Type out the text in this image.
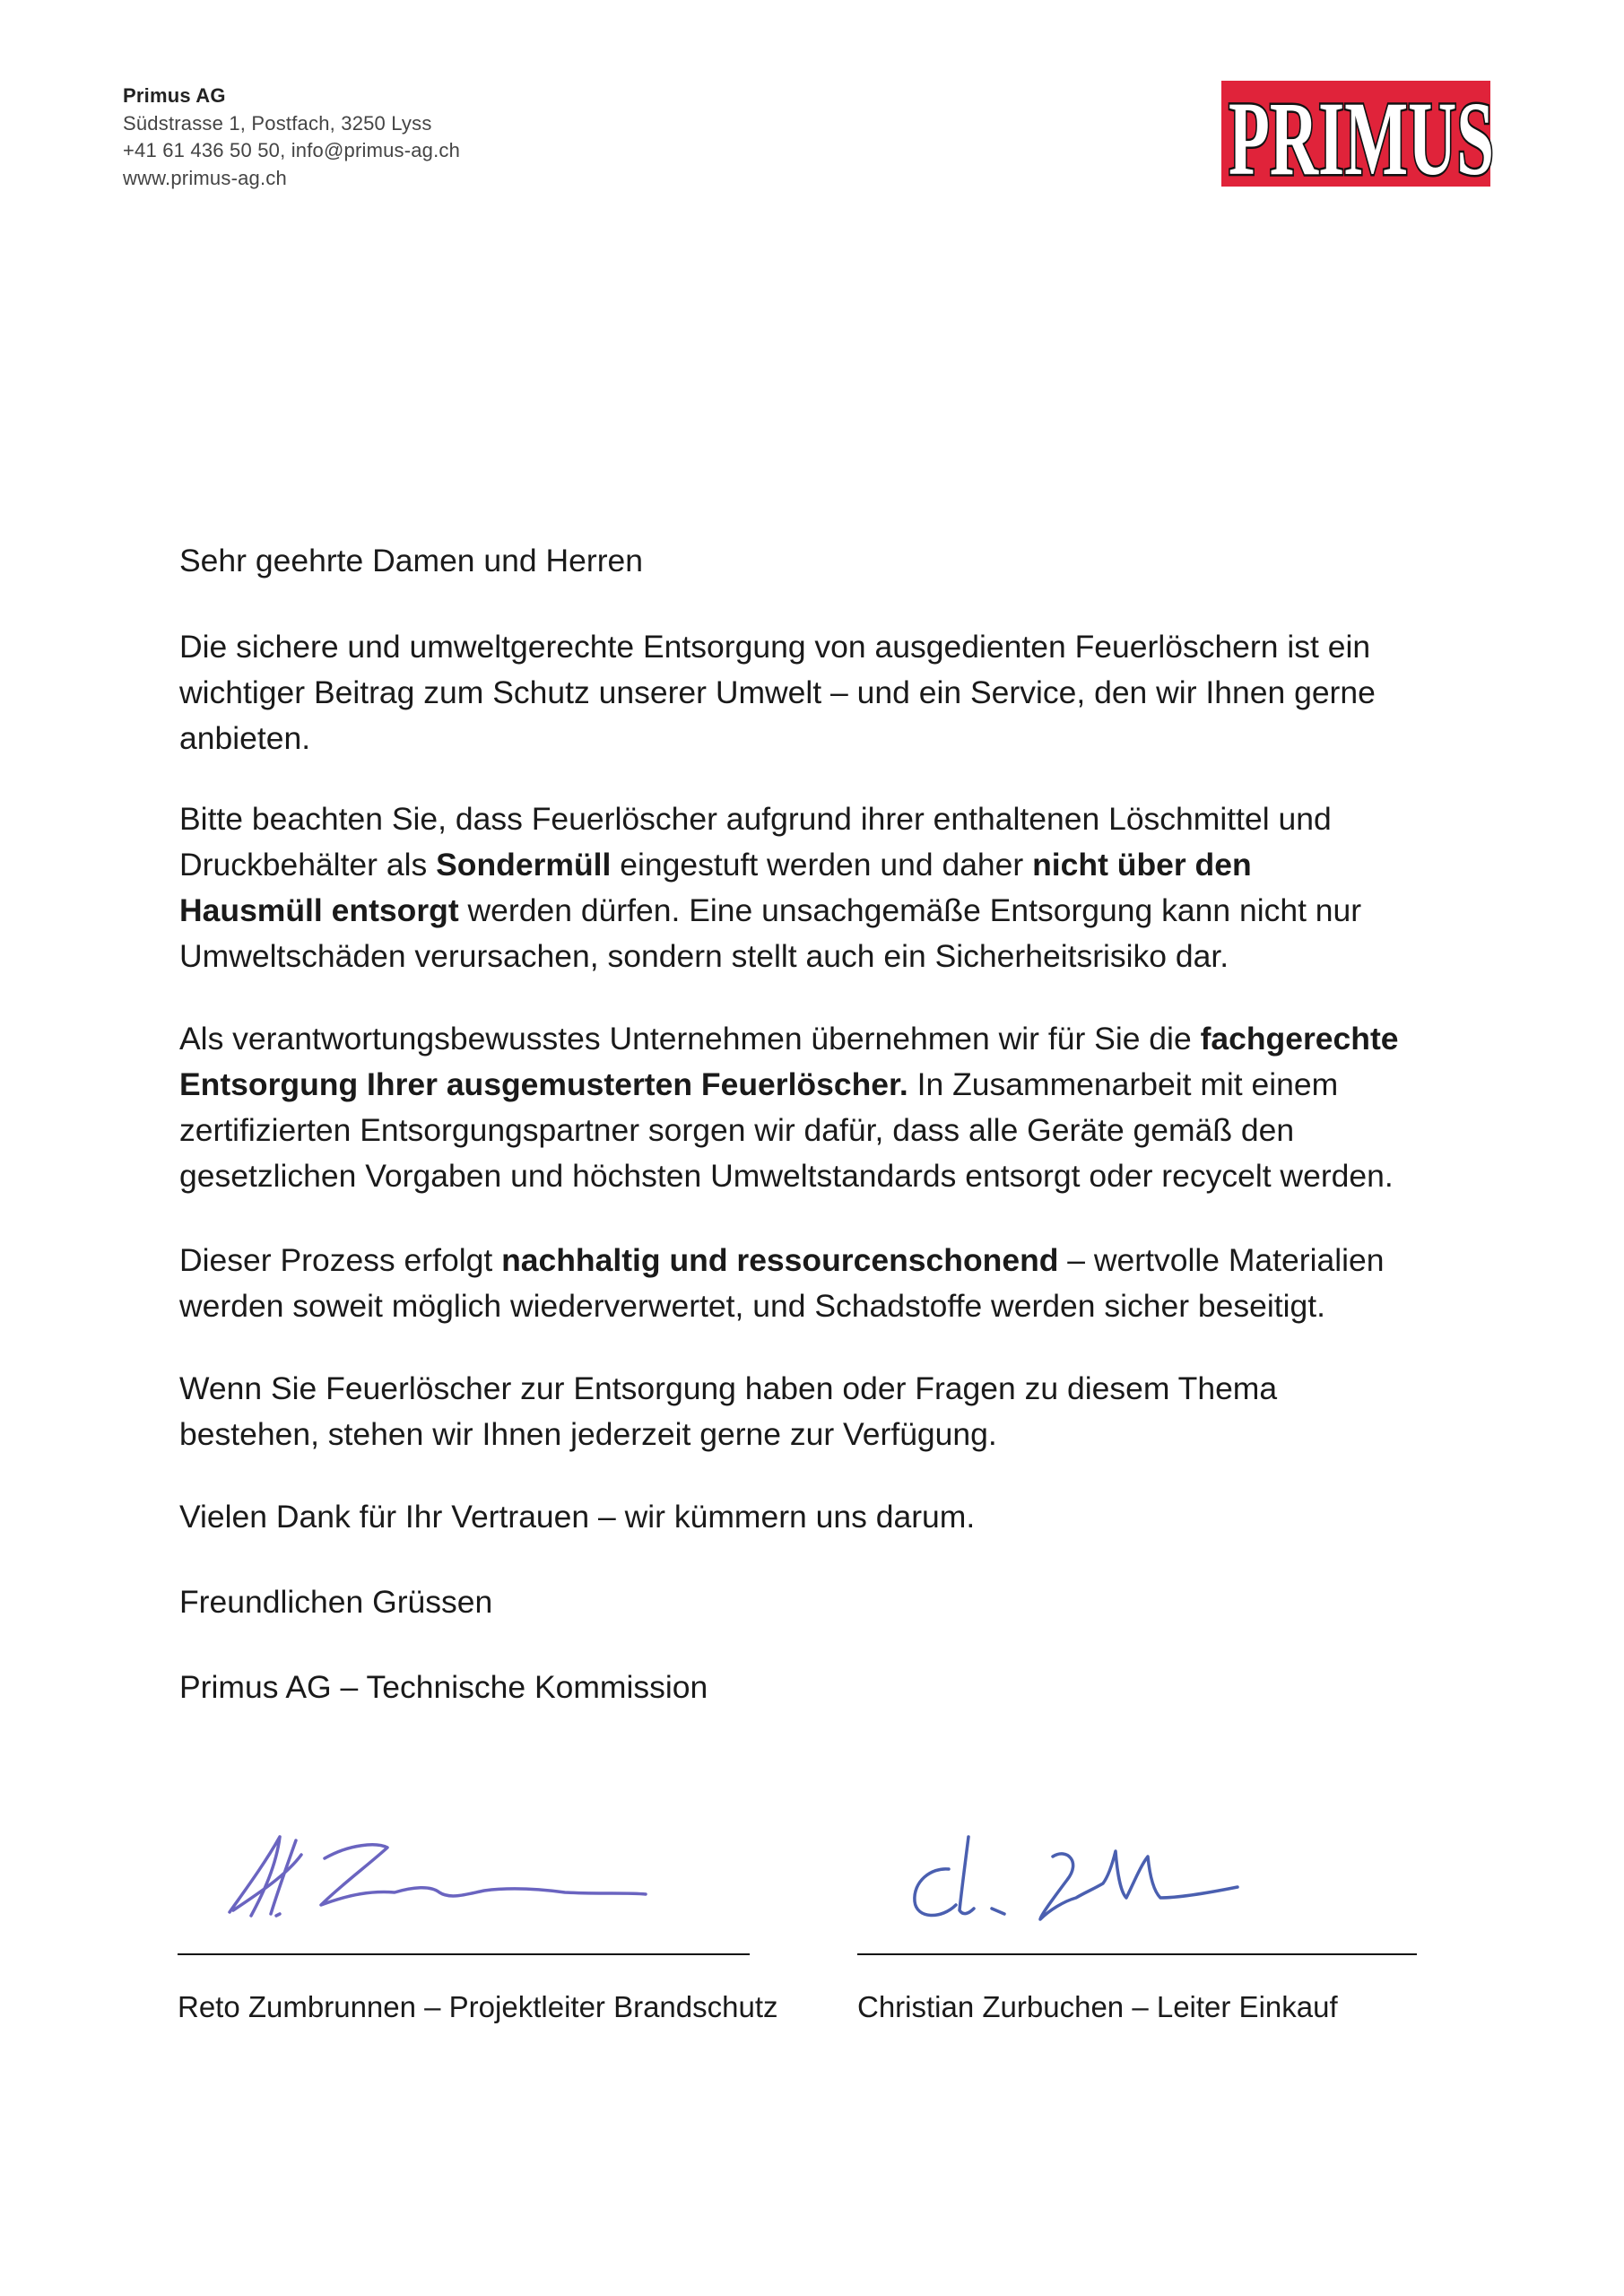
Primus AG
Südstrasse 1, Postfach, 3250 Lyss
+41 61 436 50 50, info@primus-ag.ch
www.primus-ag.ch	PRIMUS

Sehr geehrte Damen und Herren

Die sichere und umweltgerechte Entsorgung von ausgedienten Feuerlöschern ist ein wichtiger Beitrag zum Schutz unserer Umwelt – und ein Service, den wir Ihnen gerne anbieten.

Bitte beachten Sie, dass Feuerlöscher aufgrund ihrer enthaltenen Löschmittel und Druckbehälter als Sondermüll eingestuft werden und daher nicht über den Hausmüll entsorgt werden dürfen. Eine unsachgemäße Entsorgung kann nicht nur Umweltschäden verursachen, sondern stellt auch ein Sicherheitsrisiko dar.

Als verantwortungsbewusstes Unternehmen übernehmen wir für Sie die fachgerechte Entsorgung Ihrer ausgemusterten Feuerlöscher. In Zusammenarbeit mit einem zertifizierten Entsorgungspartner sorgen wir dafür, dass alle Geräte gemäß den gesetzlichen Vorgaben und höchsten Umweltstandards entsorgt oder recycelt werden.

Dieser Prozess erfolgt nachhaltig und ressourcenschonend – wertvolle Materialien werden soweit möglich wiederverwertet, und Schadstoffe werden sicher beseitigt.

Wenn Sie Feuerlöscher zur Entsorgung haben oder Fragen zu diesem Thema bestehen, stehen wir Ihnen jederzeit gerne zur Verfügung.

Vielen Dank für Ihr Vertrauen – wir kümmern uns darum.

Freundlichen Grüssen

Primus AG – Technische Kommission

Reto Zumbrunnen – Projektleiter Brandschutz	Christian Zurbuchen – Leiter Einkauf
